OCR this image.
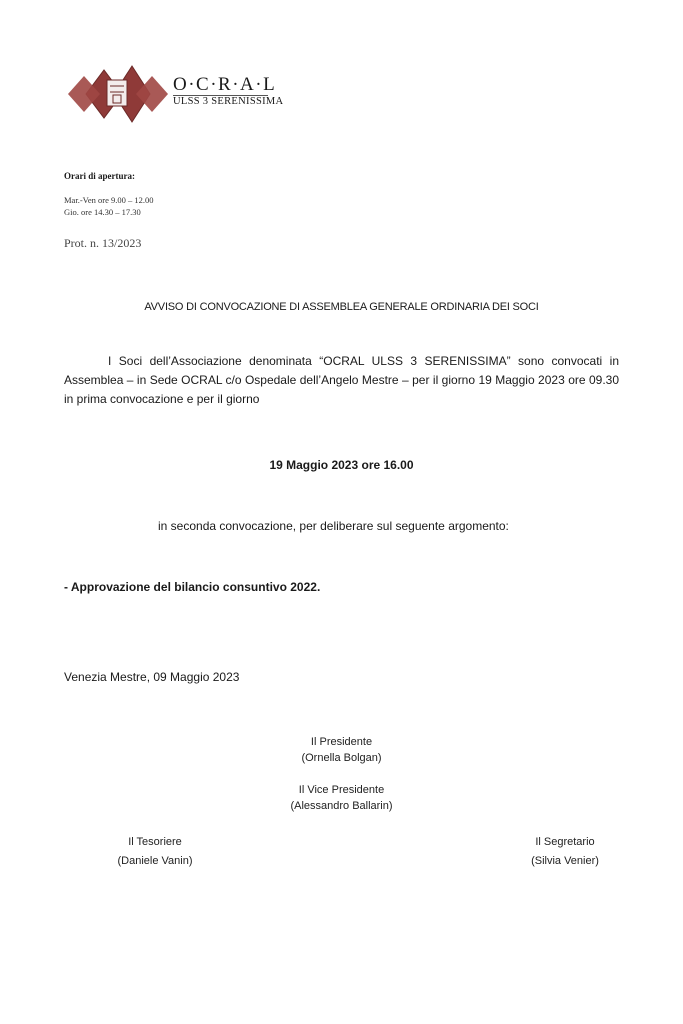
O·C·R·A·L
ULSS 3 SERENISSIMA
Orari di apertura:
Mar.-Ven ore 9.00 – 12.00
Gio. ore 14.30 – 17.30
Prot. n. 13/2023
AVVISO DI CONVOCAZIONE DI ASSEMBLEA GENERALE ORDINARIA DEI SOCI
I Soci dell’Associazione denominata “OCRAL ULSS 3 SERENISSIMA” sono convocati in Assemblea – in Sede OCRAL c/o Ospedale dell’Angelo Mestre – per il giorno 19 Maggio 2023 ore 09.30 in prima convocazione e per il giorno
19 Maggio 2023 ore 16.00
in seconda convocazione, per deliberare sul seguente argomento:
- Approvazione del bilancio consuntivo 2022.
Venezia Mestre, 09 Maggio 2023
Il Presidente
(Ornella Bolgan)
Il Vice Presidente
(Alessandro Ballarin)
Il Tesoriere
(Daniele Vanin)
Il Segretario
(Silvia Venier)
